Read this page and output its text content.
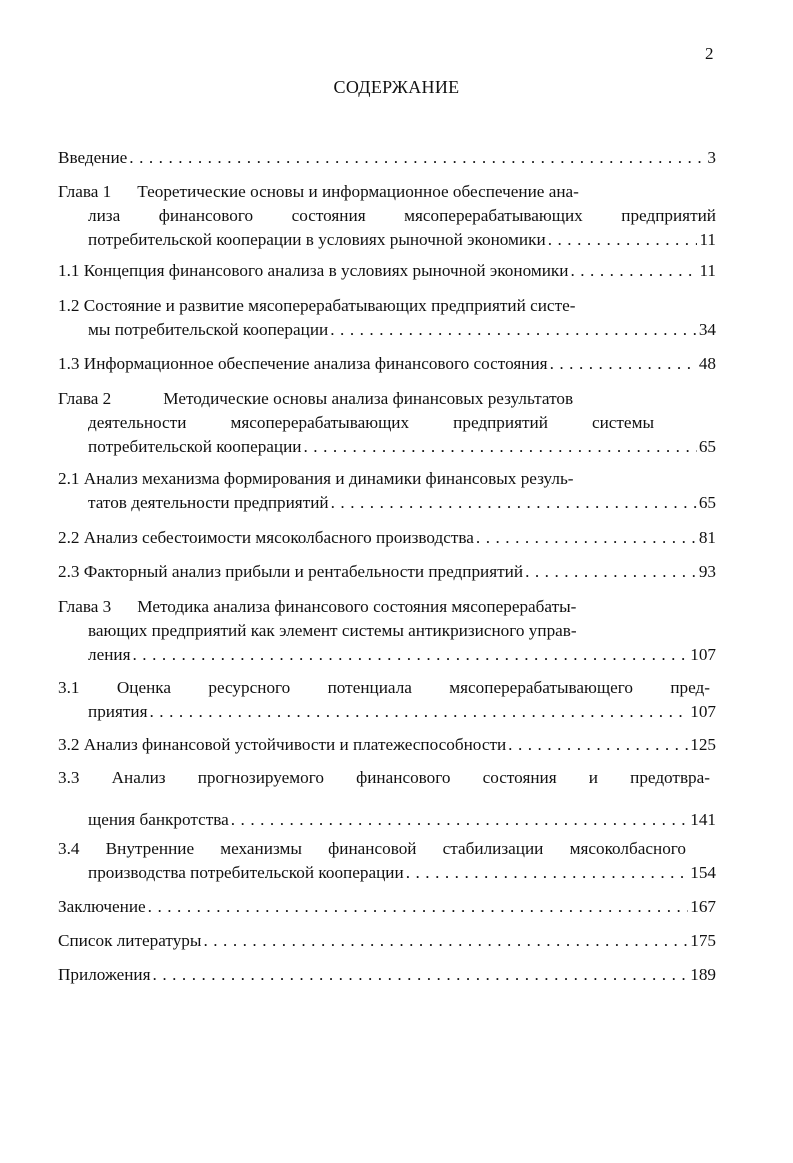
2
СОДЕРЖАНИЕ
Введение . . .	3
Глава 1 Теоретические основы и информационное обеспечение ана-
лиза финансового состояния мясоперерабатывающих предприятий
потребительской кооперации в условиях рыночной экономики . . .	11
1.1 Концепция финансового анализа в условиях рыночной экономики . . .	11
1.2 Состояние и развитие мясоперерабатывающих предприятий систе-
мы потребительской кооперации . . .	34
1.3 Информационное обеспечение анализа финансового состояния . . .	48
Глава 2	Методические основы анализа финансовых результатов
деятельности мясоперерабатывающих предприятий системы
потребительской кооперации . . .	65
2.1 Анализ механизма формирования и динамики финансовых резуль-
татов деятельности предприятий . . .	65
2.2 Анализ себестоимости мясоколбасного производства . . .	81
2.3 Факторный анализ прибыли и рентабельности предприятий . . .	93
Глава 3 Методика анализа финансового состояния мясоперерабаты-
вающих предприятий как элемент системы антикризисного управ-
ления . . .	107
3.1 Оценка ресурсного потенциала мясоперерабатывающего пред-
приятия . . .	107
3.2 Анализ финансовой устойчивости и платежеспособности . . .	125
3.3 Анализ прогнозируемого финансового состояния и предотвра-
щения банкротства . . .	141
3.4 Внутренние механизмы финансовой стабилизации мясоколбасного
производства потребительской кооперации . . .	154
Заключение . . .	167
Список литературы . . .	175
Приложения . . .	189
